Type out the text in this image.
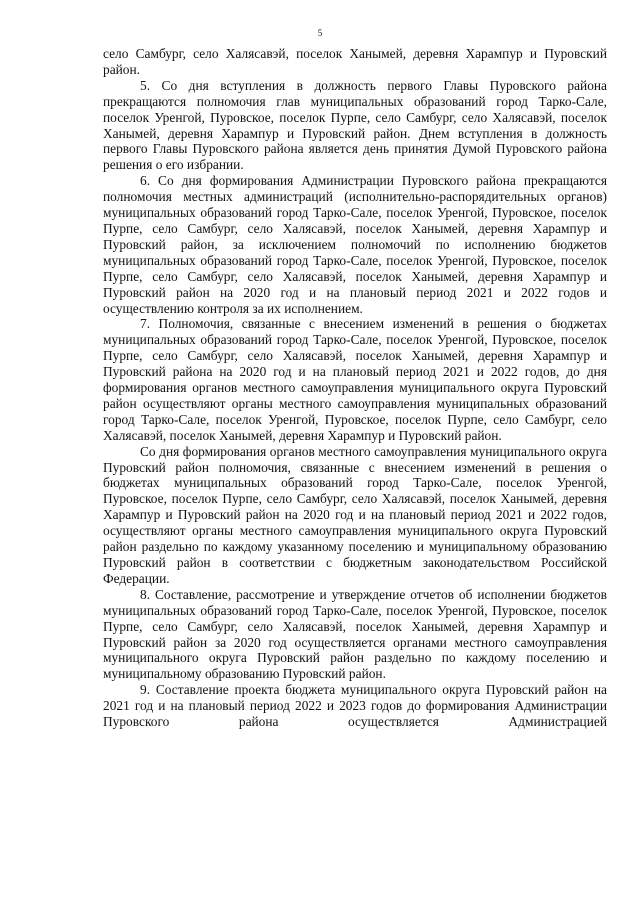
5

село Самбург, село Халясавэй, поселок Ханымей, деревня Харампур и Пуровский район.

5. Со дня вступления в должность первого Главы Пуровского района прекращаются полномочия глав муниципальных образований город Тарко-Сале, поселок Уренгой, Пуровское, поселок Пурпе, село Самбург, село Халясавэй, поселок Ханымей, деревня Харампур и Пуровский район. Днем вступления в должность первого Главы Пуровского района является день принятия Думой Пуровского района решения о его избрании.

6. Со дня формирования Администрации Пуровского района прекращаются полномочия местных администраций (исполнительно-распорядительных органов) муниципальных образований город Тарко-Сале, поселок Уренгой, Пуровское, поселок Пурпе, село Самбург, село Халясавэй, поселок Ханымей, деревня Харампур и Пуровский район, за исключением полномочий по исполнению бюджетов муниципальных образований город Тарко-Сале, поселок Уренгой, Пуровское, поселок Пурпе, село Самбург, село Халясавэй, поселок Ханымей, деревня Харампур и Пуровский район на 2020 год и на плановый период 2021 и 2022 годов и осуществлению контроля за их исполнением.

7. Полномочия, связанные с внесением изменений в решения о бюджетах муниципальных образований город Тарко-Сале, поселок Уренгой, Пуровское, поселок Пурпе, село Самбург, село Халясавэй, поселок Ханымей, деревня Харампур и Пуровский района на 2020 год и на плановый период 2021 и 2022 годов, до дня формирования органов местного самоуправления муниципального округа Пуровский район осуществляют органы местного самоуправления муниципальных образований город Тарко-Сале, поселок Уренгой, Пуровское, поселок Пурпе, село Самбург, село Халясавэй, поселок Ханымей, деревня Харампур и Пуровский район.

Со дня формирования органов местного самоуправления муниципального округа Пуровский район полномочия, связанные с внесением изменений в решения о бюджетах муниципальных образований город Тарко-Сале, поселок Уренгой, Пуровское, поселок Пурпе, село Самбург, село Халясавэй, поселок Ханымей, деревня Харампур и Пуровский район на 2020 год и на плановый период 2021 и 2022 годов, осуществляют органы местного самоуправления муниципального округа Пуровский район раздельно по каждому указанному поселению и муниципальному образованию Пуровский район в соответствии с бюджетным законодательством Российской Федерации.

8. Составление, рассмотрение и утверждение отчетов об исполнении бюджетов муниципальных образований город Тарко-Сале, поселок Уренгой, Пуровское, поселок Пурпе, село Самбург, село Халясавэй, поселок Ханымей, деревня Харампур и Пуровский район за 2020 год осуществляется органами местного самоуправления муниципального округа Пуровский район раздельно по каждому поселению и муниципальному образованию Пуровский район.

9. Составление проекта бюджета муниципального округа Пуровский район на 2021 год и на плановый период 2022 и 2023 годов до формирования Администрации Пуровского района осуществляется Администрацией
